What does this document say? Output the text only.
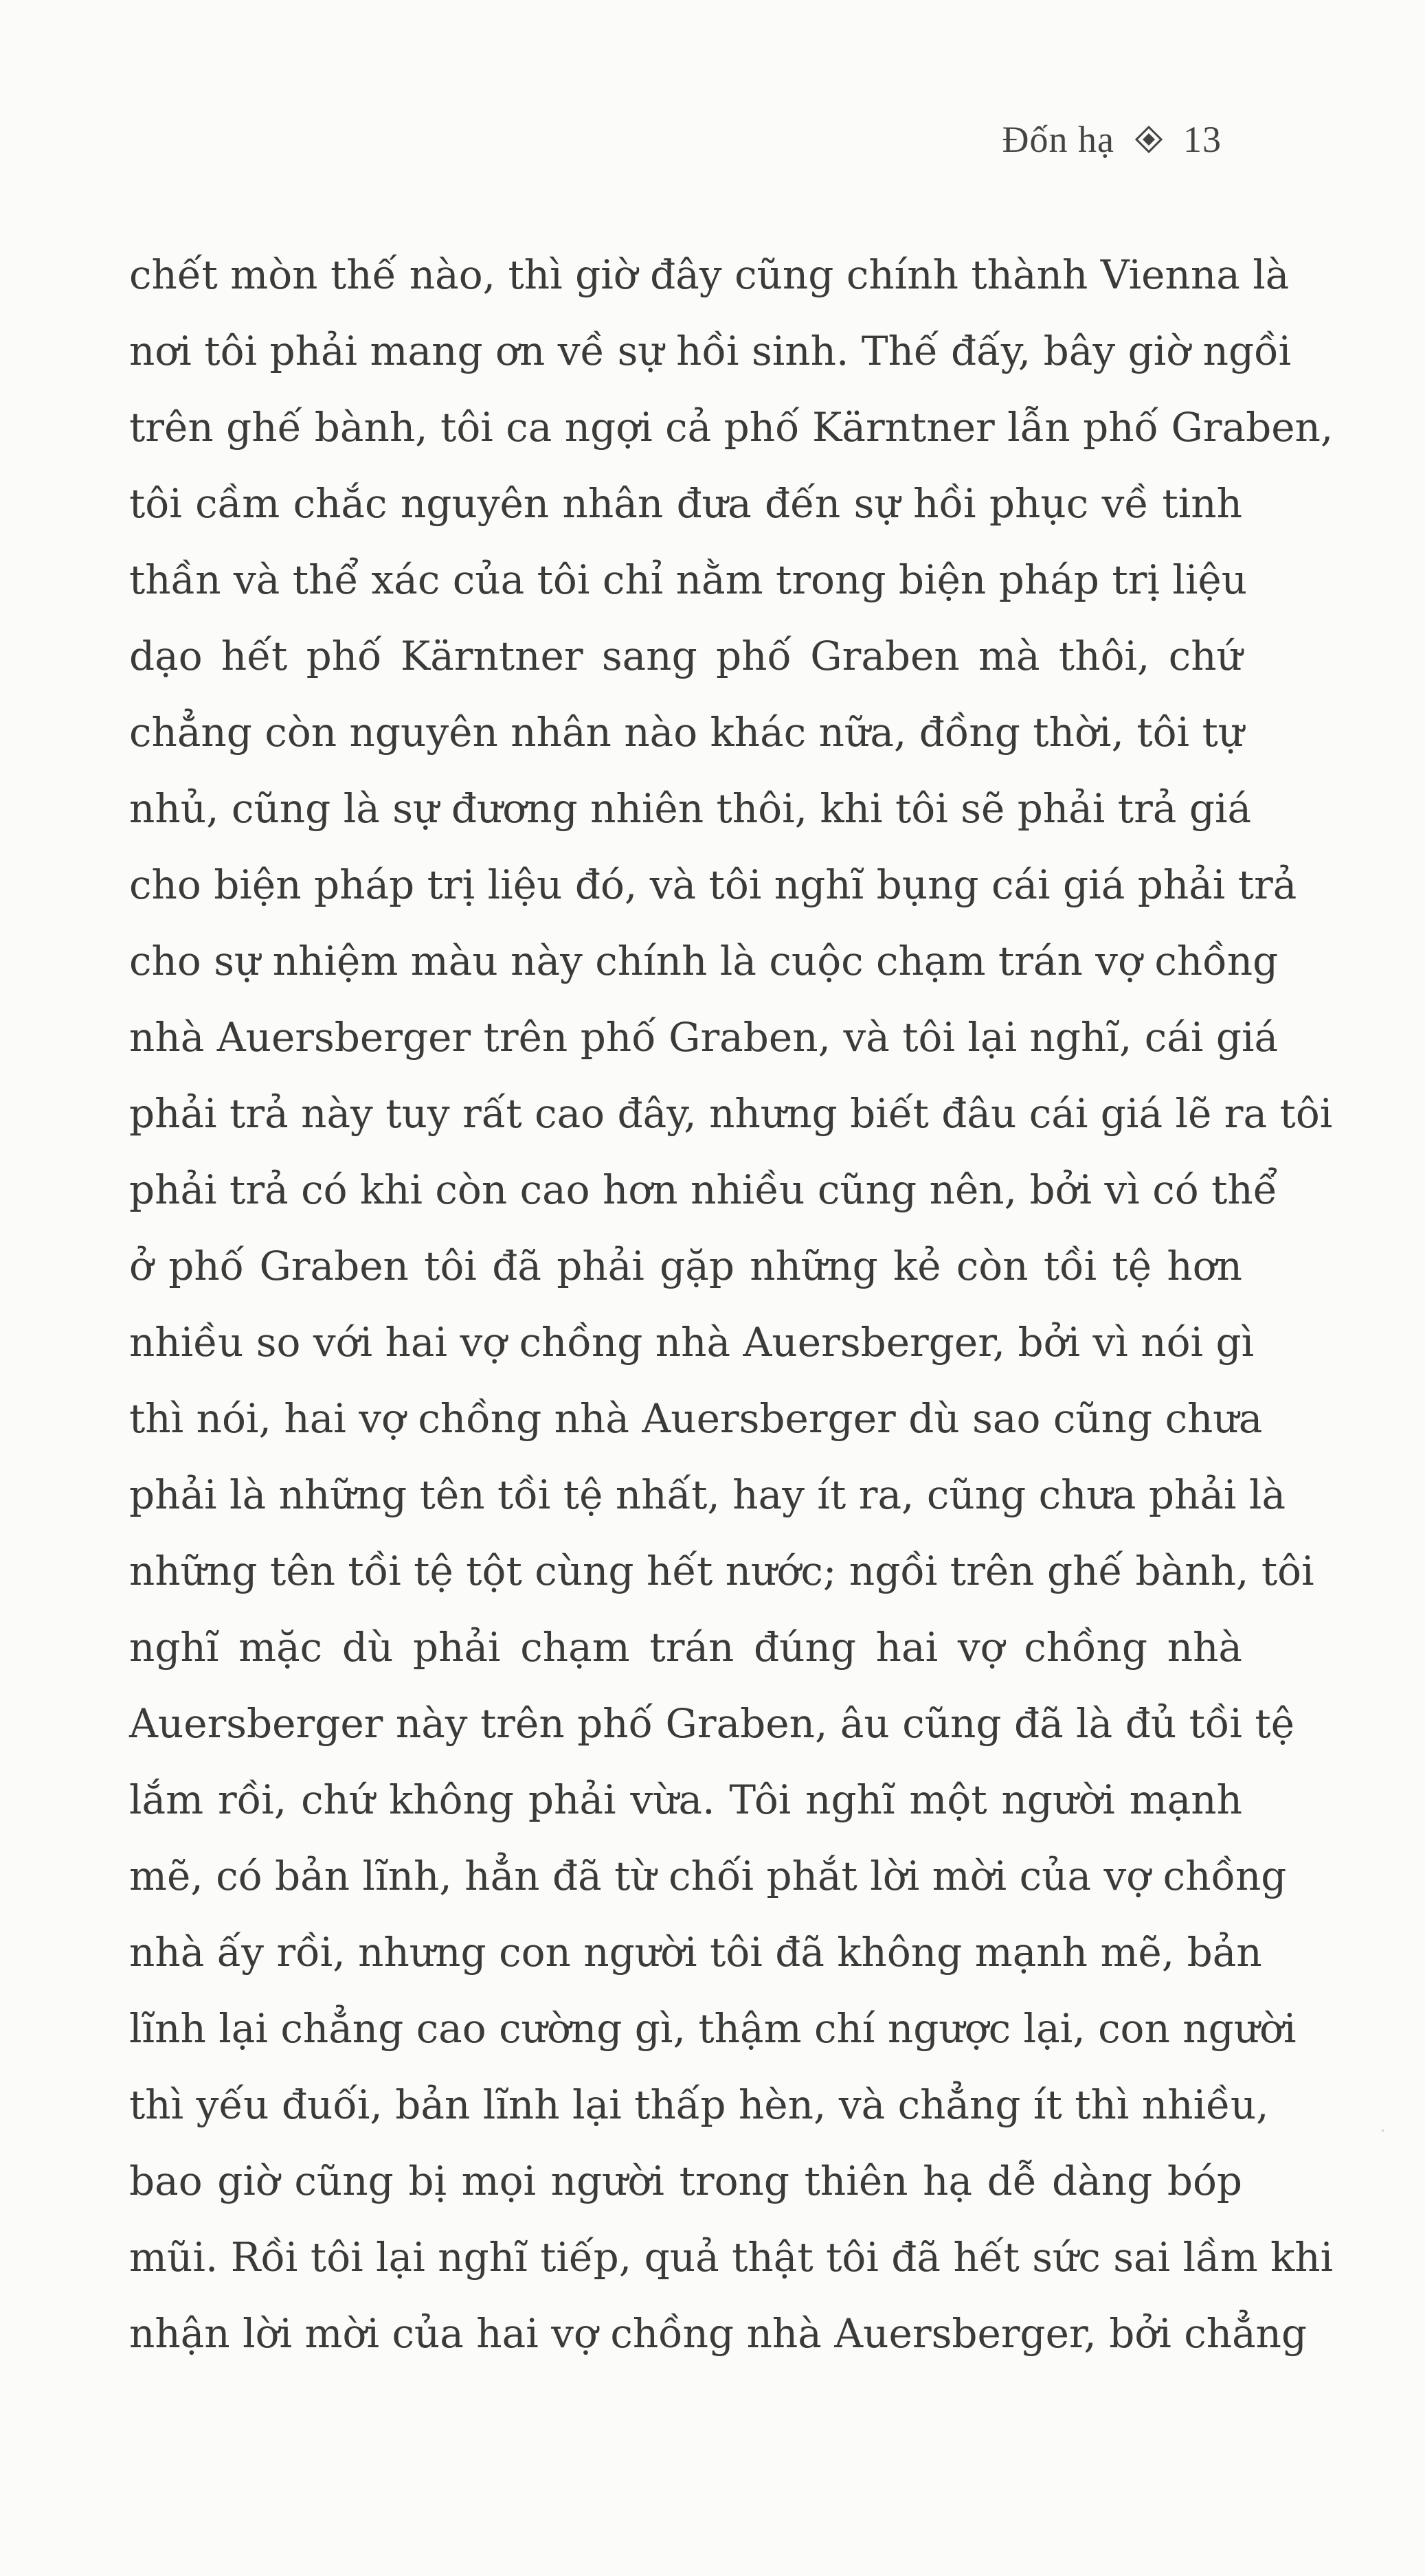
Đốn hạ 13
chết mòn thế nào, thì giờ đây cũng chính thành Vienna là
nơi tôi phải mang ơn về sự hồi sinh. Thế đấy, bây giờ ngồi
trên ghế bành, tôi ca ngợi cả phố Kärntner lẫn phố Graben,
tôi cầm chắc nguyên nhân đưa đến sự hồi phục về tinh
thần và thể xác của tôi chỉ nằm trong biện pháp trị liệu
dạo hết phố Kärntner sang phố Graben mà thôi, chứ
chẳng còn nguyên nhân nào khác nữa, đồng thời, tôi tự
nhủ, cũng là sự đương nhiên thôi, khi tôi sẽ phải trả giá
cho biện pháp trị liệu đó, và tôi nghĩ bụng cái giá phải trả
cho sự nhiệm màu này chính là cuộc chạm trán vợ chồng
nhà Auersberger trên phố Graben, và tôi lại nghĩ, cái giá
phải trả này tuy rất cao đây, nhưng biết đâu cái giá lẽ ra tôi
phải trả có khi còn cao hơn nhiều cũng nên, bởi vì có thể
ở phố Graben tôi đã phải gặp những kẻ còn tồi tệ hơn
nhiều so với hai vợ chồng nhà Auersberger, bởi vì nói gì
thì nói, hai vợ chồng nhà Auersberger dù sao cũng chưa
phải là những tên tồi tệ nhất, hay ít ra, cũng chưa phải là
những tên tồi tệ tột cùng hết nước; ngồi trên ghế bành, tôi
nghĩ mặc dù phải chạm trán đúng hai vợ chồng nhà
Auersberger này trên phố Graben, âu cũng đã là đủ tồi tệ
lắm rồi, chứ không phải vừa. Tôi nghĩ một người mạnh
mẽ, có bản lĩnh, hẳn đã từ chối phắt lời mời của vợ chồng
nhà ấy rồi, nhưng con người tôi đã không mạnh mẽ, bản
lĩnh lại chẳng cao cường gì, thậm chí ngược lại, con người
thì yếu đuối, bản lĩnh lại thấp hèn, và chẳng ít thì nhiều,
bao giờ cũng bị mọi người trong thiên hạ dễ dàng bóp
mũi. Rồi tôi lại nghĩ tiếp, quả thật tôi đã hết sức sai lầm khi
nhận lời mời của hai vợ chồng nhà Auersberger, bởi chẳng
